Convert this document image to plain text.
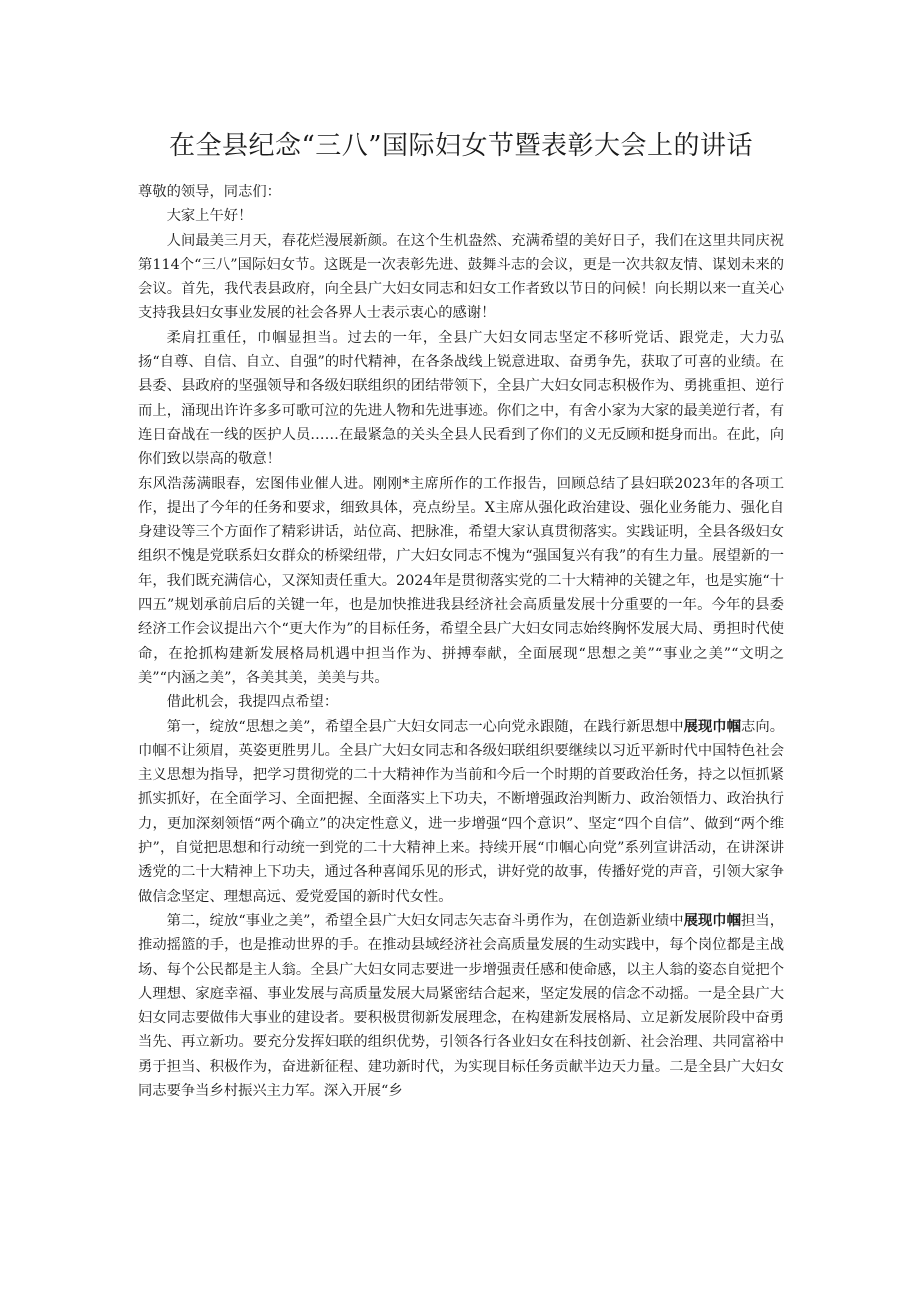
在全县纪念“三八”国际妇女节暨表彰大会上的讲话

尊敬的领导，同志们：

大家上午好！

人间最美三月天，春花烂漫展新颜。在这个生机盎然、充满希望的美好日子，我们在这里共同庆祝第114个“三八”国际妇女节。这既是一次表彰先进、鼓舞斗志的会议，更是一次共叙友情、谋划未来的会议。首先，我代表县政府，向全县广大妇女同志和妇女工作者致以节日的问候！向长期以来一直关心支持我县妇女事业发展的社会各界人士表示衷心的感谢！

柔肩扛重任，巾帼显担当。过去的一年，全县广大妇女同志坚定不移听党话、跟党走，大力弘扬“自尊、自信、自立、自强”的时代精神，在各条战线上锐意进取、奋勇争先，获取了可喜的业绩。在县委、县政府的坚强领导和各级妇联组织的团结带领下，全县广大妇女同志积极作为、勇挑重担、逆行而上，涌现出许许多多可歌可泣的先进人物和先进事迹。你们之中，有舍小家为大家的最美逆行者，有连日奋战在一线的医护人员……在最紧急的关头全县人民看到了你们的义无反顾和挺身而出。在此，向你们致以崇高的敬意！

东风浩荡满眼春，宏图伟业催人进。刚刚*主席所作的工作报告，回顾总结了县妇联2023年的各项工作，提出了今年的任务和要求，细致具体，亮点纷呈。X主席从强化政治建设、强化业务能力、强化自身建设等三个方面作了精彩讲话，站位高、把脉准，希望大家认真贯彻落实。实践证明，全县各级妇女组织不愧是党联系妇女群众的桥梁纽带，广大妇女同志不愧为“强国复兴有我”的有生力量。展望新的一年，我们既充满信心，又深知责任重大。2024年是贯彻落实党的二十大精神的关键之年，也是实施“十四五”规划承前启后的关键一年，也是加快推进我县经济社会高质量发展十分重要的一年。今年的县委经济工作会议提出六个“更大作为”的目标任务，希望全县广大妇女同志始终胸怀发展大局、勇担时代使命，在抢抓构建新发展格局机遇中担当作为、拼搏奉献，全面展现“思想之美”“事业之美”“文明之美”“内涵之美”，各美其美，美美与共。

借此机会，我提四点希望：

第一，绽放“思想之美”，希望全县广大妇女同志一心向党永跟随，在践行新思想中展现巾帼志向。巾帼不让须眉，英姿更胜男儿。全县广大妇女同志和各级妇联组织要继续以习近平新时代中国特色社会主义思想为指导，把学习贯彻党的二十大精神作为当前和今后一个时期的首要政治任务，持之以恒抓紧抓实抓好，在全面学习、全面把握、全面落实上下功夫，不断增强政治判断力、政治领悟力、政治执行力，更加深刻领悟“两个确立”的决定性意义，进一步增强“四个意识”、坚定“四个自信”、做到“两个维护”，自觉把思想和行动统一到党的二十大精神上来。持续开展“巾帼心向党”系列宣讲活动，在讲深讲透党的二十大精神上下功夫，通过各种喜闻乐见的形式，讲好党的故事，传播好党的声音，引领大家争做信念坚定、理想高远、爱党爱国的新时代女性。

第二，绽放“事业之美”，希望全县广大妇女同志矢志奋斗勇作为，在创造新业绩中展现巾帼担当，推动摇篮的手，也是推动世界的手。在推动县域经济社会高质量发展的生动实践中，每个岗位都是主战场、每个公民都是主人翁。全县广大妇女同志要进一步增强责任感和使命感，以主人翁的姿态自觉把个人理想、家庭幸福、事业发展与高质量发展大局紧密结合起来，坚定发展的信念不动摇。一是全县广大妇女同志要做伟大事业的建设者。要积极贯彻新发展理念，在构建新发展格局、立足新发展阶段中奋勇当先、再立新功。要充分发挥妇联的组织优势，引领各行各业妇女在科技创新、社会治理、共同富裕中勇于担当、积极作为，奋进新征程、建功新时代，为实现目标任务贡献半边天力量。二是全县广大妇女同志要争当乡村振兴主力军。深入开展“乡
